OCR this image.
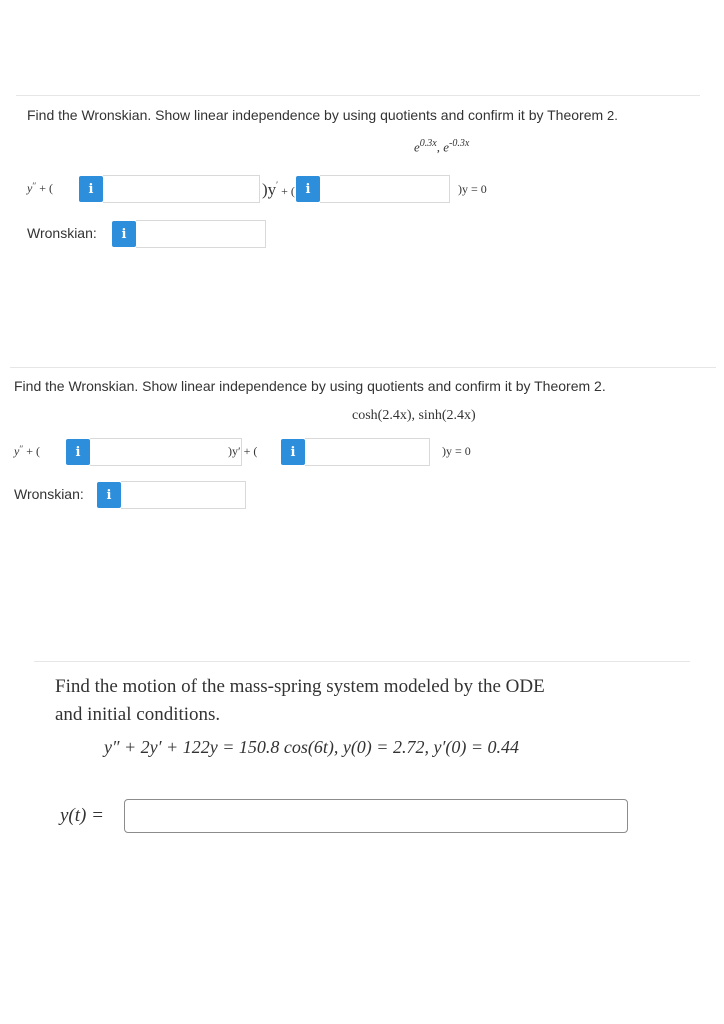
Find the Wronskian. Show linear independence by using quotients and confirm it by Theorem 2.
$e^{0.3x}$, $e^{-0.3x}$
y′′ + (	i	)y′ + ( i	)y = 0
Wronskian:	i
Find the Wronskian. Show linear independence by using quotients and confirm it by Theorem 2.
cosh(2.4x), sinh(2.4x)
y′′ + (	i	)y′ + (	i	)y = 0
Wronskian:	i
Find the motion of the mass-spring system modeled by the ODE
and initial conditions.
y″ + 2y′ + 122y = 150.8 cos(6t), y(0) = 2.72, y′(0) = 0.44
y(t) =
